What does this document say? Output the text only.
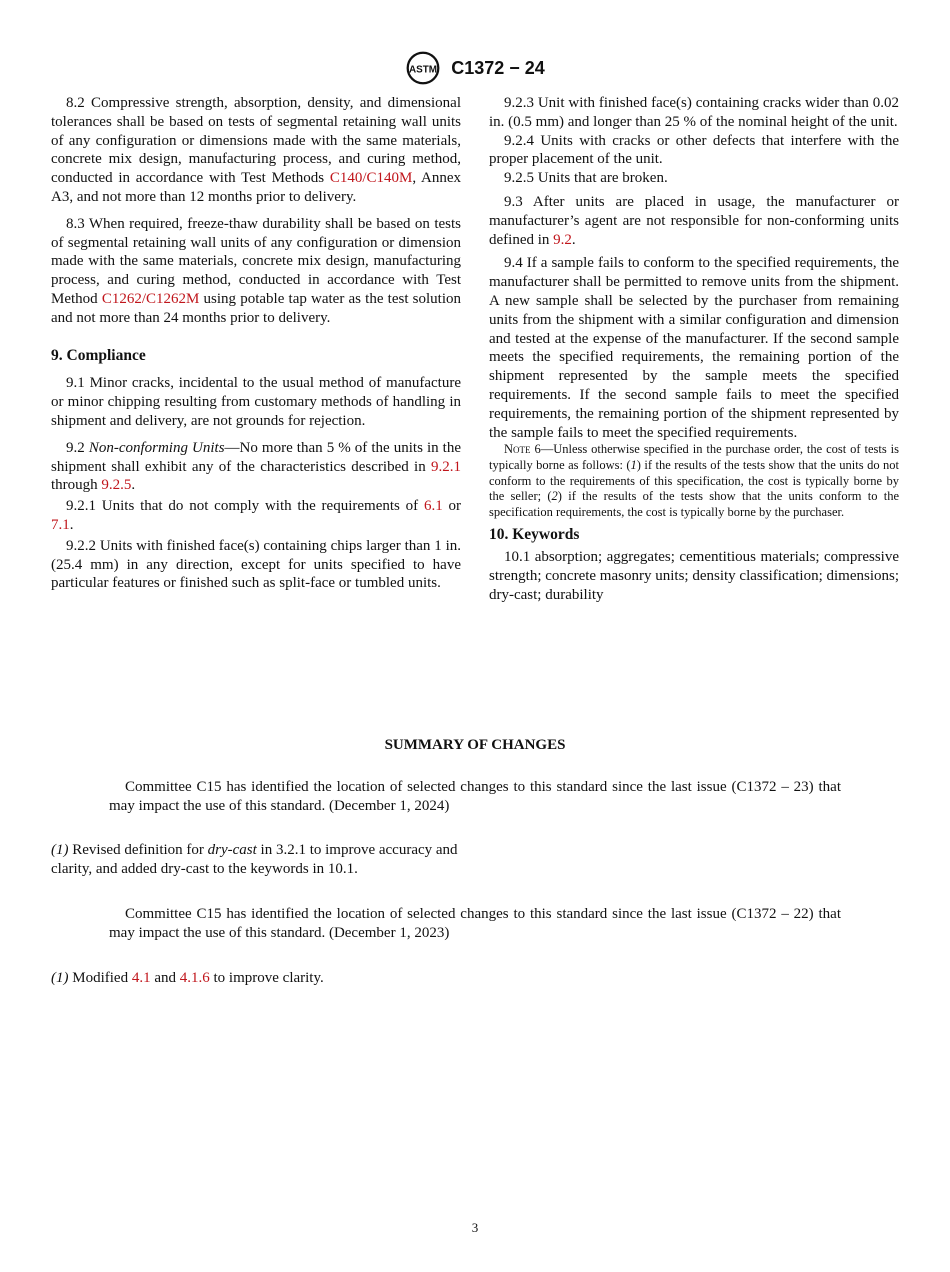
ASTM C1372 − 24

8.2 Compressive strength, absorption, density, and dimensional tolerances shall be based on tests of segmental retaining wall units of any configuration or dimensions made with the same materials, concrete mix design, manufacturing process, and curing method, conducted in accordance with Test Methods C140/C140M, Annex A3, and not more than 12 months prior to delivery.

8.3 When required, freeze-thaw durability shall be based on tests of segmental retaining wall units of any configuration or dimension made with the same materials, concrete mix design, manufacturing process, and curing method, conducted in accordance with Test Method C1262/C1262M using potable tap water as the test solution and not more than 24 months prior to delivery.

9. Compliance

9.1 Minor cracks, incidental to the usual method of manufacture or minor chipping resulting from customary methods of handling in shipment and delivery, are not grounds for rejection.

9.2 Non-conforming Units—No more than 5 % of the units in the shipment shall exhibit any of the characteristics described in 9.2.1 through 9.2.5.

9.2.1 Units that do not comply with the requirements of 6.1 or 7.1.

9.2.2 Units with finished face(s) containing chips larger than 1 in. (25.4 mm) in any direction, except for units specified to have particular features or finished such as split-face or tumbled units.

9.2.3 Unit with finished face(s) containing cracks wider than 0.02 in. (0.5 mm) and longer than 25 % of the nominal height of the unit.

9.2.4 Units with cracks or other defects that interfere with the proper placement of the unit.

9.2.5 Units that are broken.

9.3 After units are placed in usage, the manufacturer or manufacturer’s agent are not responsible for non-conforming units defined in 9.2.

9.4 If a sample fails to conform to the specified requirements, the manufacturer shall be permitted to remove units from the shipment. A new sample shall be selected by the purchaser from remaining units from the shipment with a similar configuration and dimension and tested at the expense of the manufacturer. If the second sample meets the specified requirements, the remaining portion of the shipment represented by the sample meets the specified requirements. If the second sample fails to meet the specified requirements, the remaining portion of the shipment represented by the sample fails to meet the specified requirements.

Note 6—Unless otherwise specified in the purchase order, the cost of tests is typically borne as follows: (1) if the results of the tests show that the units do not conform to the requirements of this specification, the cost is typically borne by the seller; (2) if the results of the tests show that the units conform to the specification requirements, the cost is typically borne by the purchaser.

10. Keywords

10.1 absorption; aggregates; cementitious materials; compressive strength; concrete masonry units; density classification; dimensions; dry-cast; durability

SUMMARY OF CHANGES

Committee C15 has identified the location of selected changes to this standard since the last issue (C1372 – 23) that may impact the use of this standard. (December 1, 2024)

(1) Revised definition for dry-cast in 3.2.1 to improve accuracy and clarity, and added dry-cast to the keywords in 10.1.

Committee C15 has identified the location of selected changes to this standard since the last issue (C1372 – 22) that may impact the use of this standard. (December 1, 2023)

(1) Modified 4.1 and 4.1.6 to improve clarity.

3
